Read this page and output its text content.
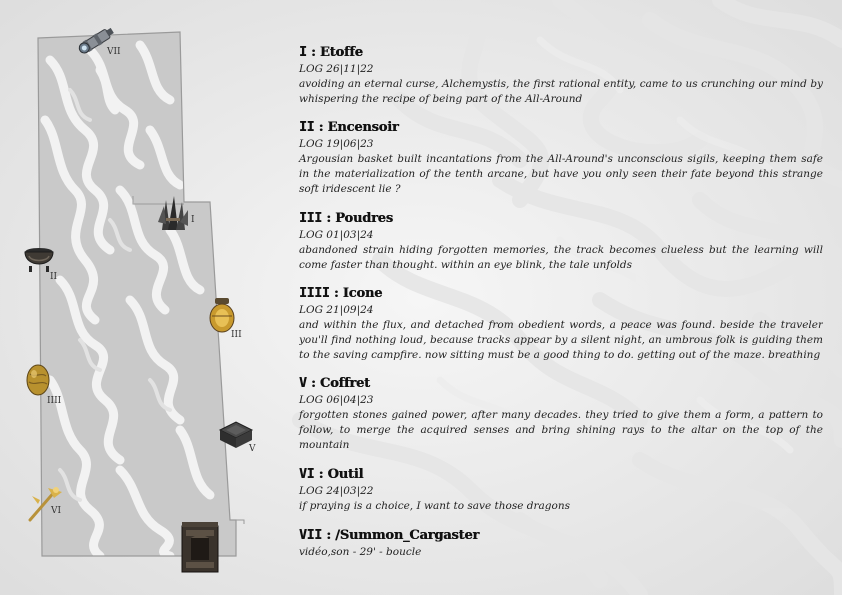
VII
I
II
III
IIII
V
VI
I : Etoffe
LOG 26|11|22
avoiding an eternal curse, Alchemystis, the first rational entity, came to us crunching our mind by whispering the recipe of being part of the All-Around
II : Encensoir
LOG 19|06|23
Argousian basket built incantations from the All-Around's unconscious sigils, keeping them safe in the materialization of the tenth arcane, but have you only seen their fate beyond this strange soft iridescent lie ?
III : Poudres
LOG 01|03|24
abandoned strain hiding forgotten memories, the track becomes clueless but the learning will come faster than thought. within an eye blink, the tale unfolds
IIII : Icone
LOG 21|09|24
and within the flux, and detached from obedient words, a peace was found. beside the traveler you'll find nothing loud, because tracks appear by a silent night, an umbrous folk is guiding them to the saving campfire. now sitting must be a good thing to do. getting out of the maze. breathing
V : Coffret
LOG 06|04|23
forgotten stones gained power, after many decades. they tried to give them a form, a pattern to follow, to merge the acquired senses and bring shining rays to the altar on the top of the mountain
VI : Outil
LOG 24|03|22
if praying is a choice, I want to save those dragons
VII : /Summon_Cargaster
vidéo,son - 29' - boucle
